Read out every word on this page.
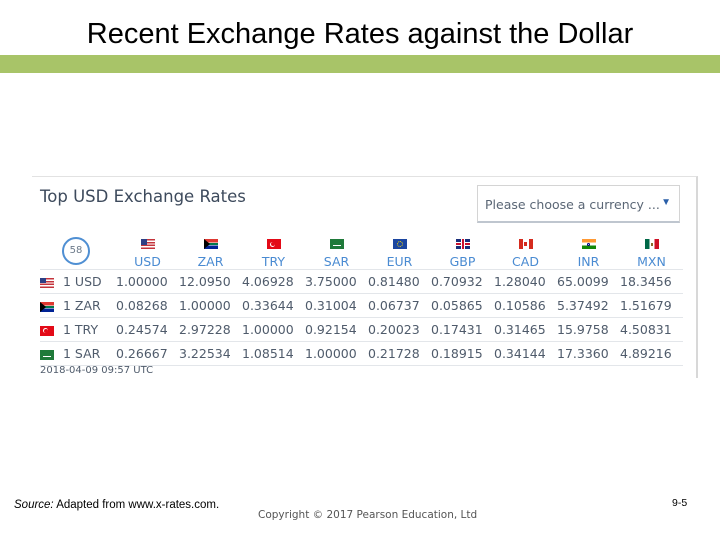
Recent Exchange Rates against the Dollar
Top USD Exchange Rates	Please choose a currency ... ▼
58	USD	ZAR	TRY	SAR	EUR	GBP	CAD	INR	MXN
1 USD	1.00000	12.0950	4.06928	3.75000	0.81480	0.70932	1.28040	65.0099	18.3456
1 ZAR	0.08268	1.00000	0.33644	0.31004	0.06737	0.05865	0.10586	5.37492	1.51679
1 TRY	0.24574	2.97228	1.00000	0.92154	0.20023	0.17431	0.31465	15.9758	4.50831
1 SAR	0.26667	3.22534	1.08514	1.00000	0.21728	0.18915	0.34144	17.3360	4.89216
2018-04-09 09:57 UTC
Source: Adapted from www.x-rates.com.
Copyright © 2017 Pearson Education, Ltd
9-5
